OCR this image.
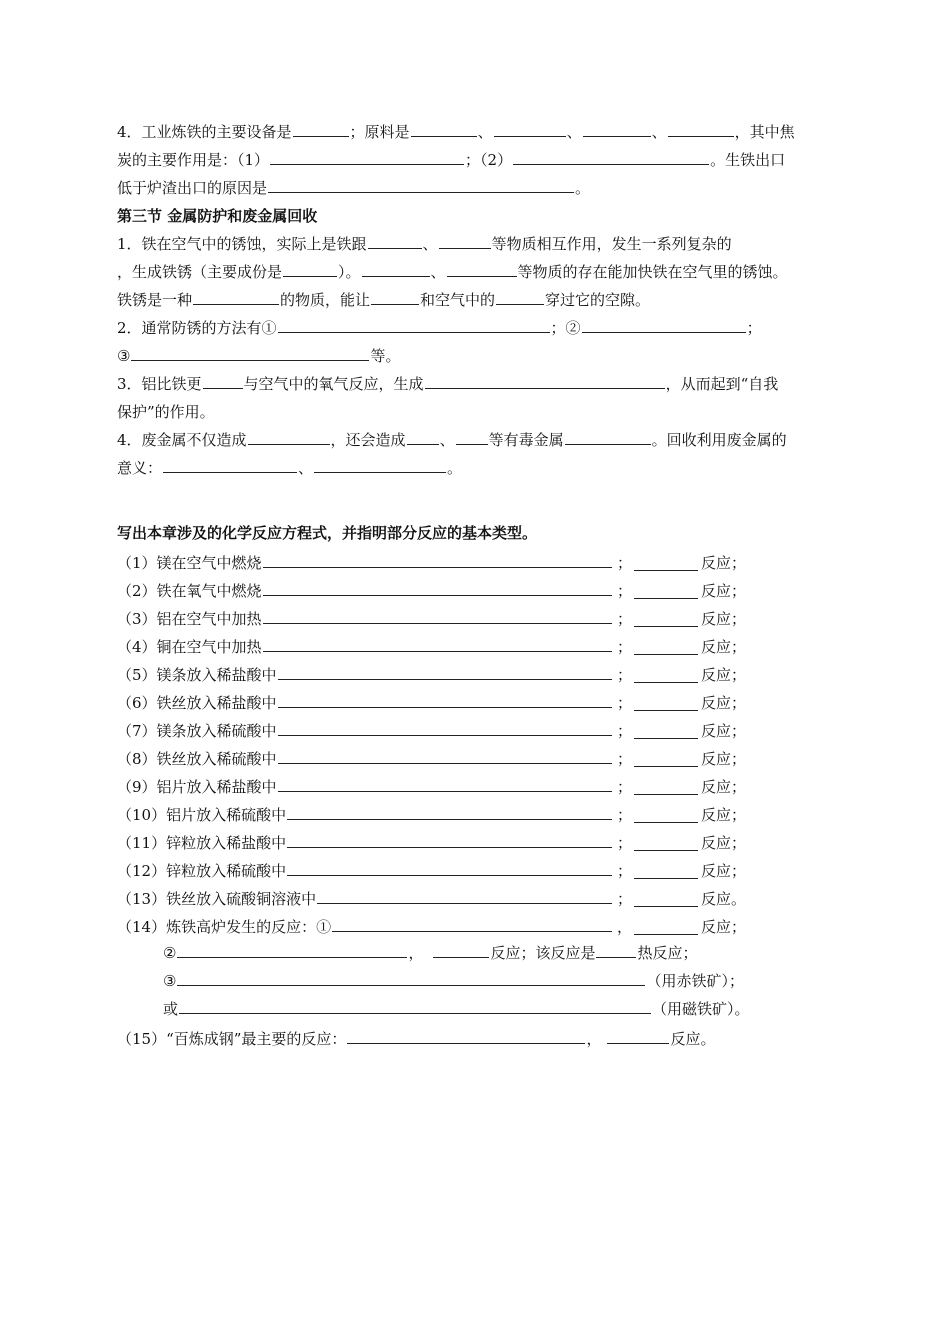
4．工业炼铁的主要设备是	；原料是	、	、	、	，其中焦
炭的主要作用是：（1）	；（2）	。生铁出口
低于炉渣出口的原因是	。
第三节 金属防护和废金属回收
1．铁在空气中的锈蚀，实际上是铁跟	、	等物质相互作用，发生一系列复杂的
，生成铁锈（主要成份是	）。	、	等物质的存在能加快铁在空气里的锈蚀。
铁锈是一种	的物质，能让	和空气中的	穿过它的空隙。
2．通常防锈的方法有①	；②	；
③	等。
3．铝比铁更	与空气中的氧气反应，生成	，从而起到“自我
保护”的作用。
4．废金属不仅造成	，还会造成 、 等有毒金属	。回收利用废金属的
意义：	、	。
写出本章涉及的化学反应方程式，并指明部分反应的基本类型。
（1）镁在空气中燃烧	；	反应；
（2）铁在氧气中燃烧	；	反应；
（3）铝在空气中加热	；	反应；
（4）铜在空气中加热	；	反应；
（5）镁条放入稀盐酸中	；	反应；
（6）铁丝放入稀盐酸中	；	反应；
（7）镁条放入稀硫酸中	；	反应；
（8）铁丝放入稀硫酸中	；	反应；
（9）铝片放入稀盐酸中	；	反应；
（10）铝片放入稀硫酸中	；	反应；
（11）锌粒放入稀盐酸中	；	反应；
（12）锌粒放入稀硫酸中	；	反应；
（13）铁丝放入硫酸铜溶液中	；	反应。
（14）炼铁高炉发生的反应：①	，	反应；
②	，	反应；该反应是	热反应；
③	（用赤铁矿）；
或	（用磁铁矿）。
（15）“百炼成钢”最主要的反应：	，	反应。
